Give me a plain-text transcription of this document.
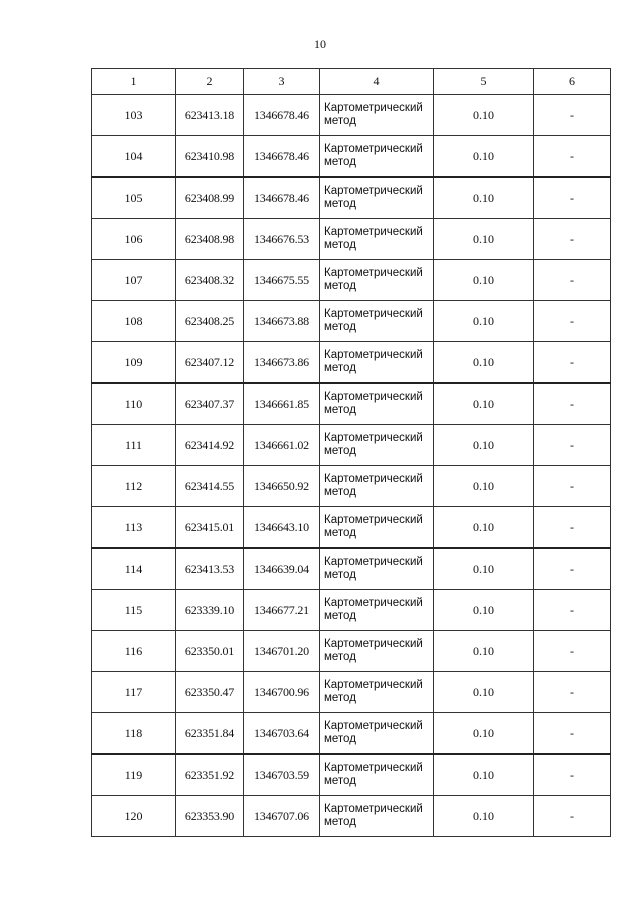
10
1	2	3	4	5	6
103	623413.18	1346678.46	Картометрический метод	0.10	-
104	623410.98	1346678.46	Картометрический метод	0.10	-
105	623408.99	1346678.46	Картометрический метод	0.10	-
106	623408.98	1346676.53	Картометрический метод	0.10	-
107	623408.32	1346675.55	Картометрический метод	0.10	-
108	623408.25	1346673.88	Картометрический метод	0.10	-
109	623407.12	1346673.86	Картометрический метод	0.10	-
110	623407.37	1346661.85	Картометрический метод	0.10	-
111	623414.92	1346661.02	Картометрический метод	0.10	-
112	623414.55	1346650.92	Картометрический метод	0.10	-
113	623415.01	1346643.10	Картометрический метод	0.10	-
114	623413.53	1346639.04	Картометрический метод	0.10	-
115	623339.10	1346677.21	Картометрический метод	0.10	-
116	623350.01	1346701.20	Картометрический метод	0.10	-
117	623350.47	1346700.96	Картометрический метод	0.10	-
118	623351.84	1346703.64	Картометрический метод	0.10	-
119	623351.92	1346703.59	Картометрический метод	0.10	-
120	623353.90	1346707.06	Картометрический метод	0.10	-
